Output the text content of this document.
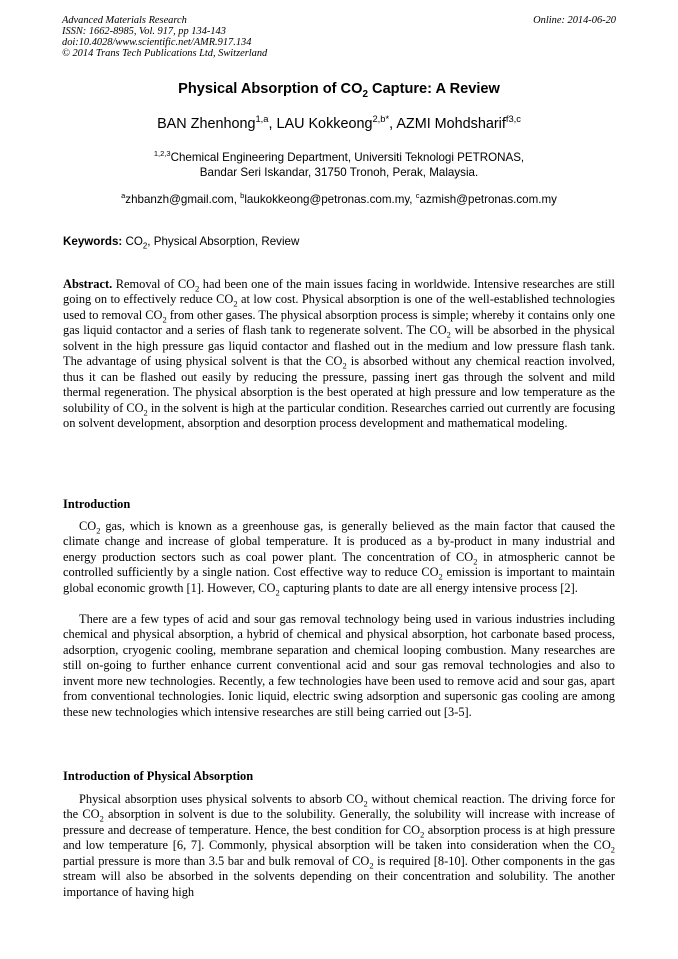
Advanced Materials Research
ISSN: 1662-8985, Vol. 917, pp 134-143
doi:10.4028/www.scientific.net/AMR.917.134
© 2014 Trans Tech Publications Ltd, Switzerland
Online: 2014-06-20
Physical Absorption of $CO_2$ Capture: A Review
BAN Zhenhong$^{1,a}$, LAU Kokkeong$^{2,b*}$, AZMI Mohdsharif$^{f3,c}$
$^{1,2,3}$Chemical Engineering Department, Universiti Teknologi PETRONAS,
Bandar Seri Iskandar, 31750 Tronoh, Perak, Malaysia.
$^a$zhbanzh@gmail.com, $^b$laukokkeong@petronas.com.my, $^c$azmish@petronas.com.my
Keywords: $CO_2$, Physical Absorption, Review
Abstract. Removal of $CO_2$ had been one of the main issues facing in worldwide. Intensive researches are still going on to effectively reduce $CO_2$ at low cost. Physical absorption is one of the well-established technologies used to removal $CO_2$ from other gases. The physical absorption process is simple; whereby it contains only one gas liquid contactor and a series of flash tank to regenerate solvent. The $CO_2$ will be absorbed in the physical solvent in the high pressure gas liquid contactor and flashed out in the medium and low pressure flash tank. The advantage of using physical solvent is that the $CO_2$ is absorbed without any chemical reaction involved, thus it can be flashed out easily by reducing the pressure, passing inert gas through the solvent and mild thermal regeneration. The physical absorption is the best operated at high pressure and low temperature as the solubility of $CO_2$ in the solvent is high at the particular condition. Researches carried out currently are focusing on solvent development, absorption and desorption process development and mathematical modeling.
Introduction
$CO_2$ gas, which is known as a greenhouse gas, is generally believed as the main factor that caused the climate change and increase of global temperature. It is produced as a by-product in many industrial and energy production sectors such as coal power plant. The concentration of $CO_2$ in atmospheric cannot be controlled sufficiently by a single nation. Cost effective way to reduce $CO_2$ emission is important to maintain global economic growth [1]. However, $CO_2$ capturing plants to date are all energy intensive process [2].
There are a few types of acid and sour gas removal technology being used in various industries including chemical and physical absorption, a hybrid of chemical and physical absorption, hot carbonate based process, adsorption, cryogenic cooling, membrane separation and chemical looping combustion. Many researches are still on-going to further enhance current conventional acid and sour gas removal technologies and also to invent more new technologies. Recently, a few technologies have been used to remove acid and sour gas, apart from conventional technologies. Ionic liquid, electric swing adsorption and supersonic gas cooling are among these new technologies which intensive researches are still being carried out [3-5].
Introduction of Physical Absorption
Physical absorption uses physical solvents to absorb $CO_2$ without chemical reaction. The driving force for the $CO_2$ absorption in solvent is due to the solubility. Generally, the solubility will increase with increase of pressure and decrease of temperature. Hence, the best condition for $CO_2$ absorption process is at high pressure and low temperature [6, 7]. Commonly, physical absorption will be taken into consideration when the $CO_2$ partial pressure is more than 3.5 bar and bulk removal of $CO_2$ is required [8-10]. Other components in the gas stream will also be absorbed in the solvents depending on their concentration and solubility. The another importance of having high
